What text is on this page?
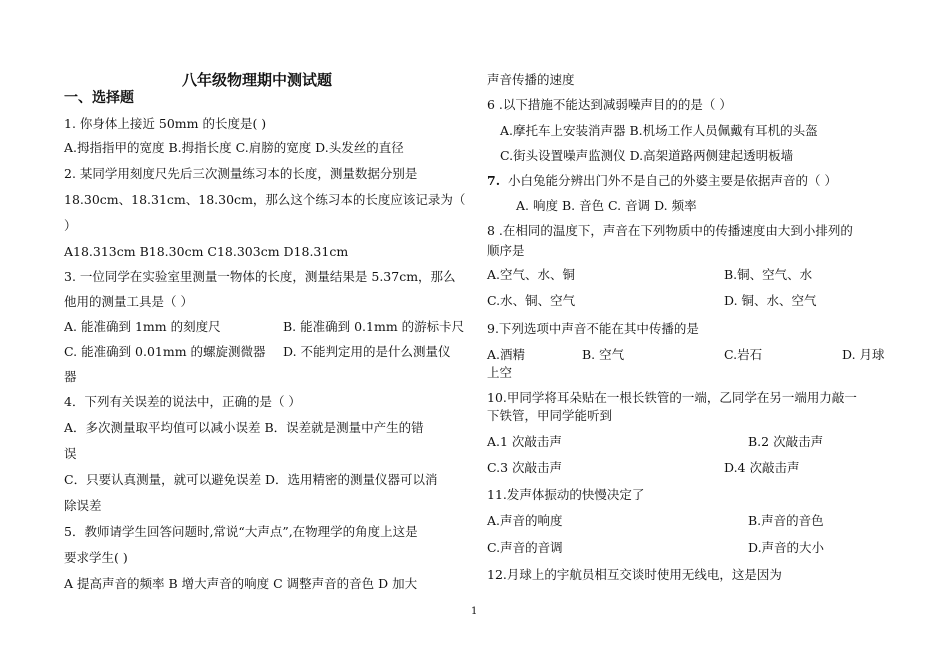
八年级物理期中测试题
一、选择题
1. 你身体上接近 50mm 的长度是( )
A.拇指指甲的宽度 B.拇指长度 C.肩膀的宽度 D.头发丝的直径
2. 某同学用刻度尺先后三次测量练习本的长度，测量数据分别是
18.30cm、18.31cm、18.30cm，那么这个练习本的长度应该记录为（
）
A18.313cm B18.30cm C18.303cm D18.31cm
3. 一位同学在实验室里测量一物体的长度，测量结果是 5.37cm，那么
他用的测量工具是（ ）
A. 能准确到 1mm 的刻度尺	B. 能准确到 0.1mm 的游标卡尺
C. 能准确到 0.01mm 的螺旋测微器 D. 不能判定用的是什么测量仪
器
4．下列有关误差的说法中，正确的是（ ）
A．多次测量取平均值可以减小误差 B．误差就是测量中产生的错
误
C．只要认真测量，就可以避免误差 D．选用精密的测量仪器可以消
除误差
5．教师请学生回答问题时,常说“大声点”,在物理学的角度上这是
要求学生( )
A 提高声音的频率 B 增大声音的响度 C 调整声音的音色 D 加大
声音传播的速度
6 .以下措施不能达到减弱噪声目的的是（ ）
A.摩托车上安装消声器 B.机场工作人员佩戴有耳机的头盔
C.街头设置噪声监测仪 D.高架道路两侧建起透明板墙
7. 小白兔能分辨出门外不是自己的外婆主要是依据声音的（ ）
A. 响度 B. 音色 C. 音调 D. 频率
8 .在相同的温度下，声音在下列物质中的传播速度由大到小排列的
顺序是
A.空气、水、铜	B.铜、空气、水
C.水、铜、空气	D. 铜、水、空气
9.下列选项中声音不能在其中传播的是
A.酒精	B. 空气	C.岩石	D. 月球
上空
10.甲同学将耳朵贴在一根长铁管的一端，乙同学在另一端用力敲一
下铁管，甲同学能听到
A.1 次敲击声	B.2 次敲击声
C.3 次敲击声	D.4 次敲击声
11.发声体振动的快慢决定了
A.声音的响度	B.声音的音色
C.声音的音调	D.声音的大小
12.月球上的宇航员相互交谈时使用无线电，这是因为
1
